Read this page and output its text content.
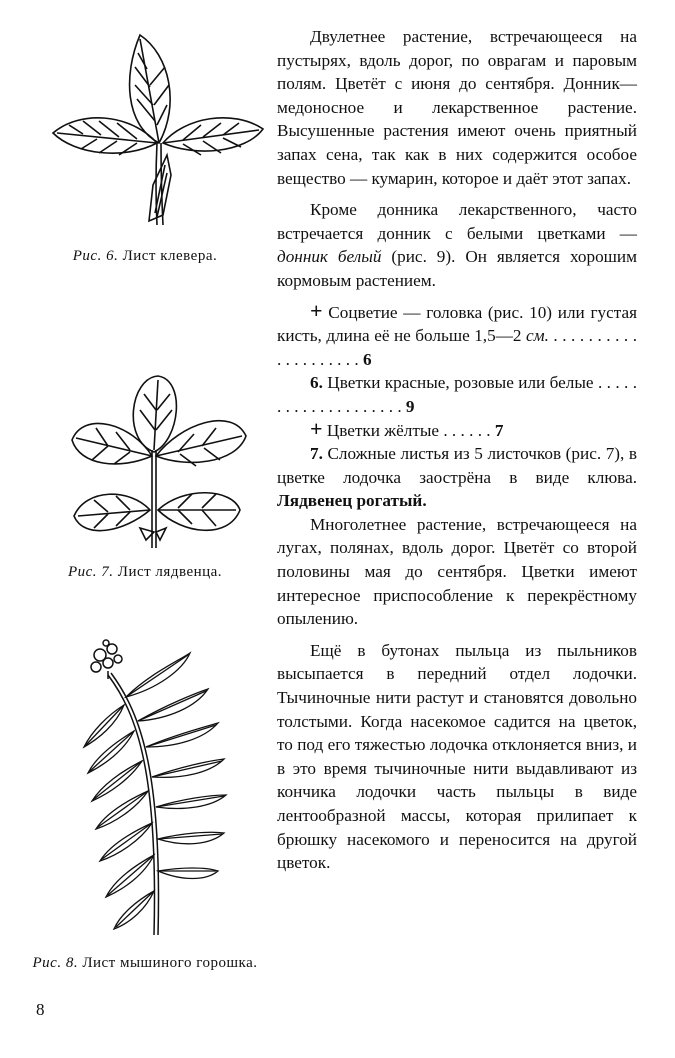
Рис. 6. Лист клевера.
Рис. 7. Лист лядвенца.
Рис. 8. Лист мышиного горошка.

Двулетнее растение, встречающееся на пустырях, вдоль дорог, по оврагам и паровым полям. Цветёт с июня до сентября. Донник—медоносное и лекарственное растение. Высушенные растения имеют очень приятный запах сена, так как в них содержится особое вещество — кумарин, которое и даёт этот запах.

Кроме донника лекарственного, часто встречается донник с белыми цветками — донник белый (рис. 9). Он является хорошим кормовым растением.

+ Соцветие — головка (рис. 10) или густая кисть, длина её не больше 1,5—2 см. . . . . . . . . . . . . . . . . . . . . 6

6. Цветки красные, розовые или белые . . . . . . . . . . . . . . . . . . . . 9

+ Цветки жёлтые . . . . . . 7

7. Сложные листья из 5 листочков (рис. 7), в цветке лодочка заострёна в виде клюва. Лядвенец рогатый.

Многолетнее растение, встречающееся на лугах, полянах, вдоль дорог. Цветёт со второй половины мая до сентября. Цветки имеют интересное приспособление к перекрёстному опылению.

Ещё в бутонах пыльца из пыльников высыпается в передний отдел лодочки. Тычиночные нити растут и становятся довольно толстыми. Когда насекомое садится на цветок, то под его тяжестью лодочка отклоняется вниз, и в это время тычиночные нити выдавливают из кончика лодочки часть пыльцы в виде лентообразной массы, которая прилипает к брюшку насекомого и переносится на другой цветок.

8
